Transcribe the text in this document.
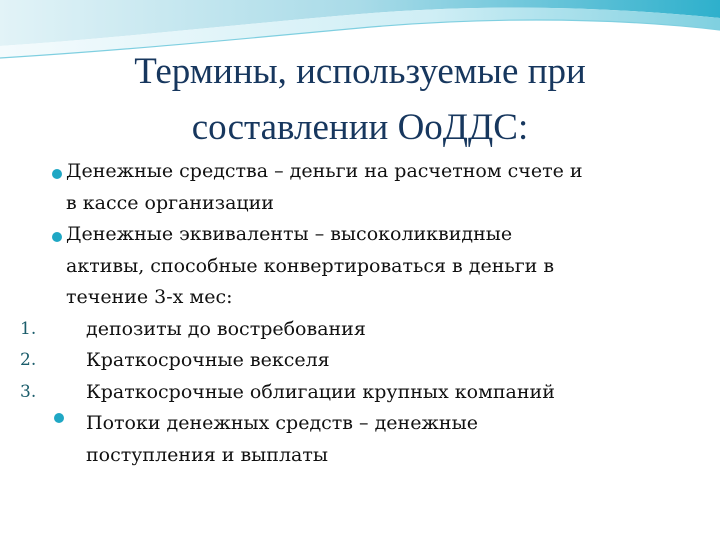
Термины, используемые при
составлении ОоДДС:
Денежные средства – деньги на расчетном счете и
в кассе организации
Денежные эквиваленты – высоколиквидные
активы, способные конвертироваться в деньги в
течение 3-х мес:
1.	депозиты до востребования
2.	Краткосрочные векселя
3.	Краткосрочные облигации крупных компаний
Потоки денежных средств – денежные
поступления и выплаты
